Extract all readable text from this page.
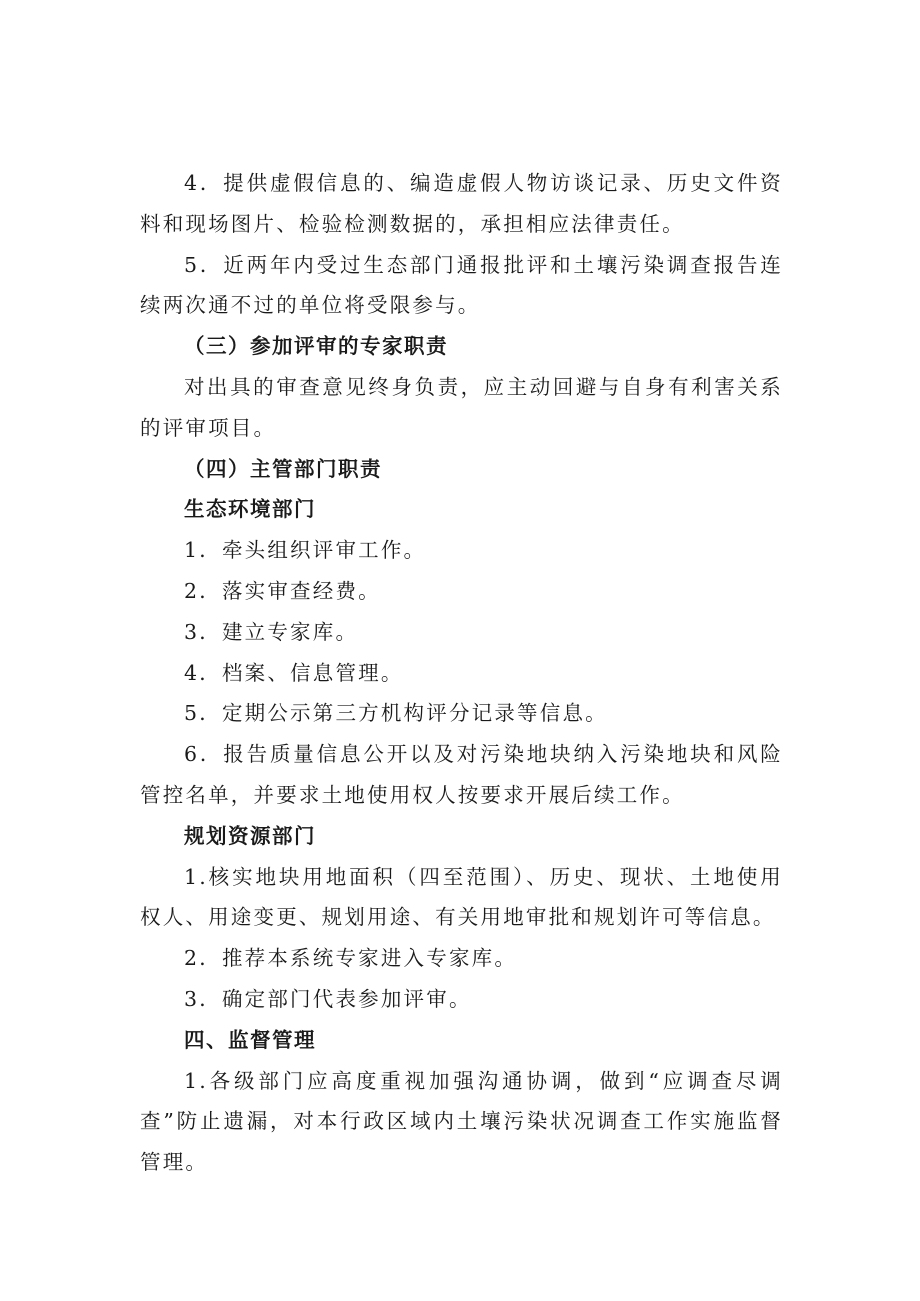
4．提供虚假信息的、编造虚假人物访谈记录、历史文件资料和现场图片、检验检测数据的，承担相应法律责任。

5．近两年内受过生态部门通报批评和土壤污染调查报告连续两次通不过的单位将受限参与。

（三）参加评审的专家职责

对出具的审查意见终身负责，应主动回避与自身有利害关系的评审项目。

（四）主管部门职责

生态环境部门

1．牵头组织评审工作。

2．落实审查经费。

3．建立专家库。

4．档案、信息管理。

5．定期公示第三方机构评分记录等信息。

6．报告质量信息公开以及对污染地块纳入污染地块和风险管控名单，并要求土地使用权人按要求开展后续工作。

规划资源部门

1.核实地块用地面积（四至范围）、历史、现状、土地使用权人、用途变更、规划用途、有关用地审批和规划许可等信息。

2．推荐本系统专家进入专家库。

3．确定部门代表参加评审。

四、监督管理

1.各级部门应高度重视加强沟通协调，做到“应调查尽调查”防止遗漏，对本行政区域内土壤污染状况调查工作实施监督管理。
